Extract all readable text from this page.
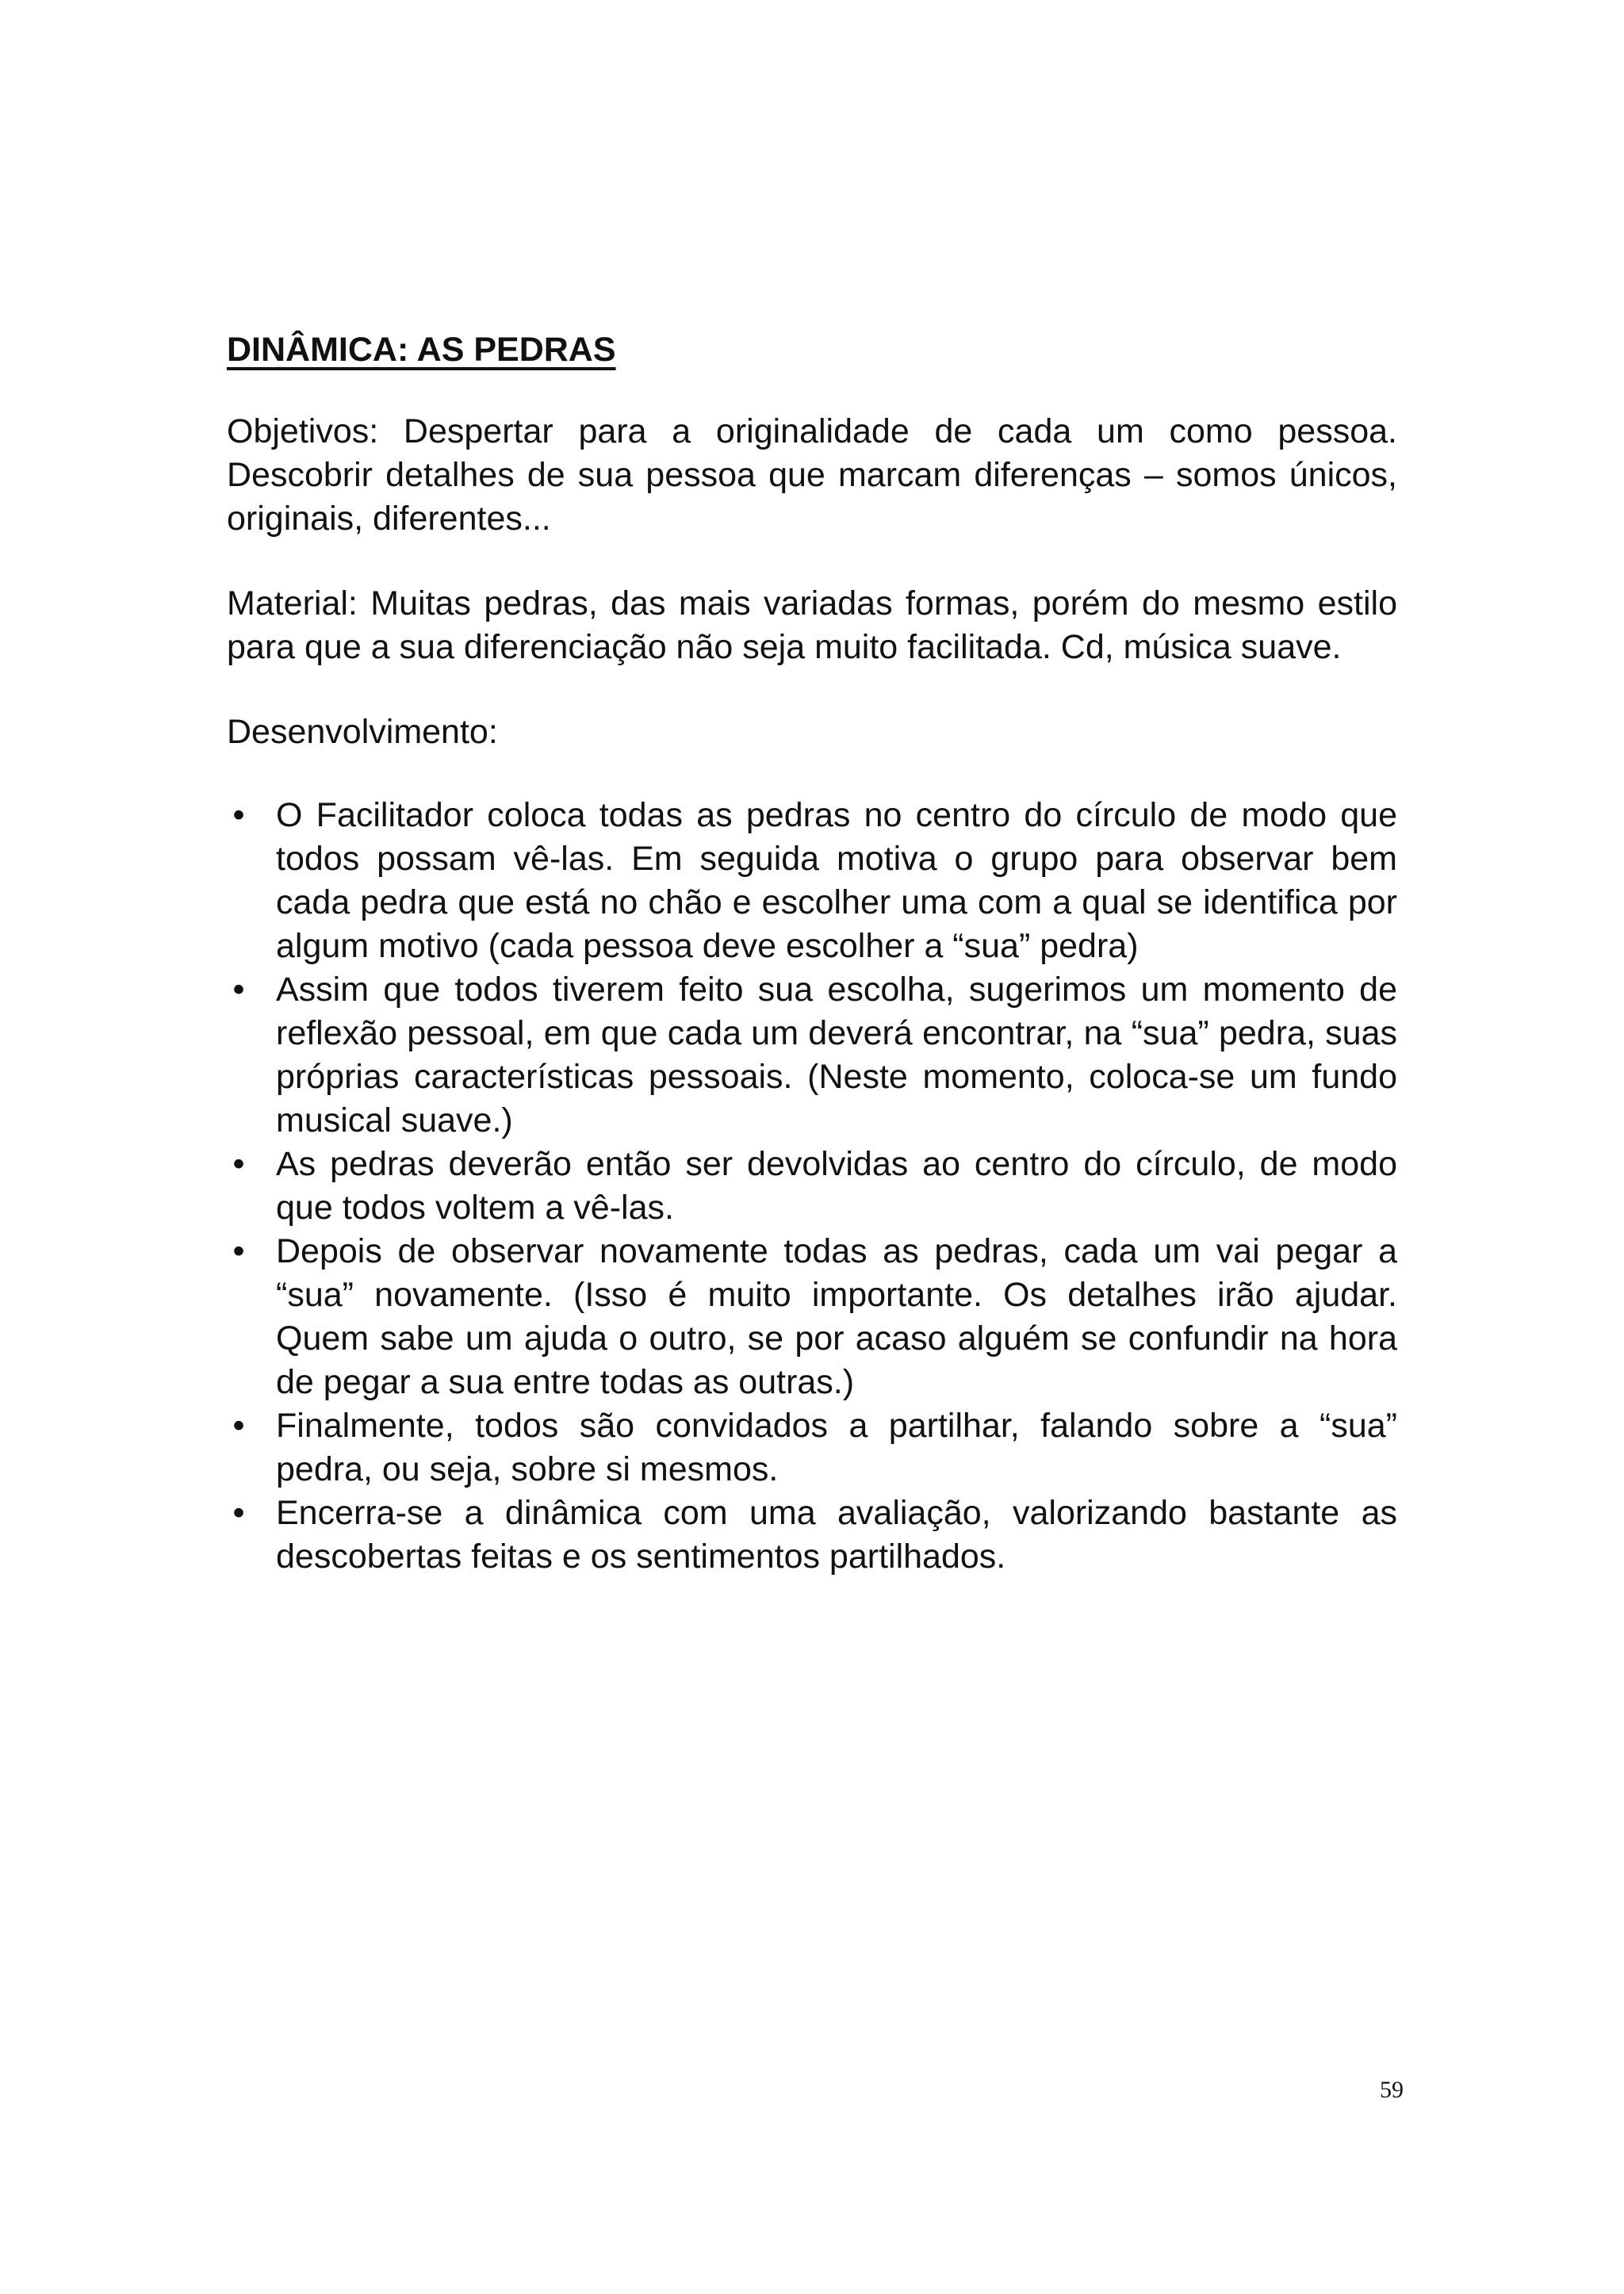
DINÂMICA: AS PEDRAS

Objetivos: Despertar para a originalidade de cada um como pessoa. Descobrir detalhes de sua pessoa que marcam diferenças – somos únicos, originais, diferentes...

Material: Muitas pedras, das mais variadas formas, porém do mesmo estilo para que a sua diferenciação não seja muito facilitada. Cd, música suave.

Desenvolvimento:

• O Facilitador coloca todas as pedras no centro do círculo de modo que todos possam vê-las. Em seguida motiva o grupo para observar bem cada pedra que está no chão e escolher uma com a qual se identifica por algum motivo (cada pessoa deve escolher a “sua” pedra)
• Assim que todos tiverem feito sua escolha, sugerimos um momento de reflexão pessoal, em que cada um deverá encontrar, na “sua” pedra, suas próprias características pessoais. (Neste momento, coloca-se um fundo musical suave.)
• As pedras deverão então ser devolvidas ao centro do círculo, de modo que todos voltem a vê-las.
• Depois de observar novamente todas as pedras, cada um vai pegar a “sua” novamente. (Isso é muito importante. Os detalhes irão ajudar. Quem sabe um ajuda o outro, se por acaso alguém se confundir na hora de pegar a sua entre todas as outras.)
• Finalmente, todos são convidados a partilhar, falando sobre a “sua” pedra, ou seja, sobre si mesmos.
• Encerra-se a dinâmica com uma avaliação, valorizando bastante as descobertas feitas e os sentimentos partilhados.
59
